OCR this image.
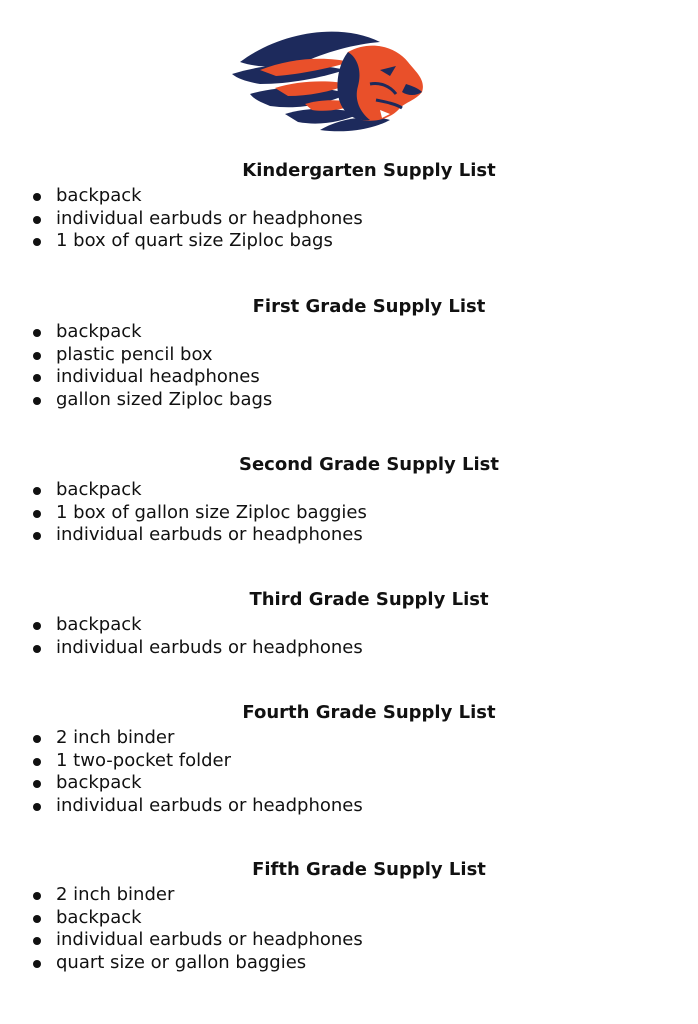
Kindergarten Supply List
backpack
individual earbuds or headphones
1 box of quart size Ziploc bags
First Grade Supply List
backpack
plastic pencil box
individual headphones
gallon sized Ziploc bags
Second Grade Supply List
backpack
1 box of gallon size Ziploc baggies
individual earbuds or headphones
Third Grade Supply List
backpack
individual earbuds or headphones
Fourth Grade Supply List
2 inch binder
1 two-pocket folder
backpack
individual earbuds or headphones
Fifth Grade Supply List
2 inch binder
backpack
individual earbuds or headphones
quart size or gallon baggies
